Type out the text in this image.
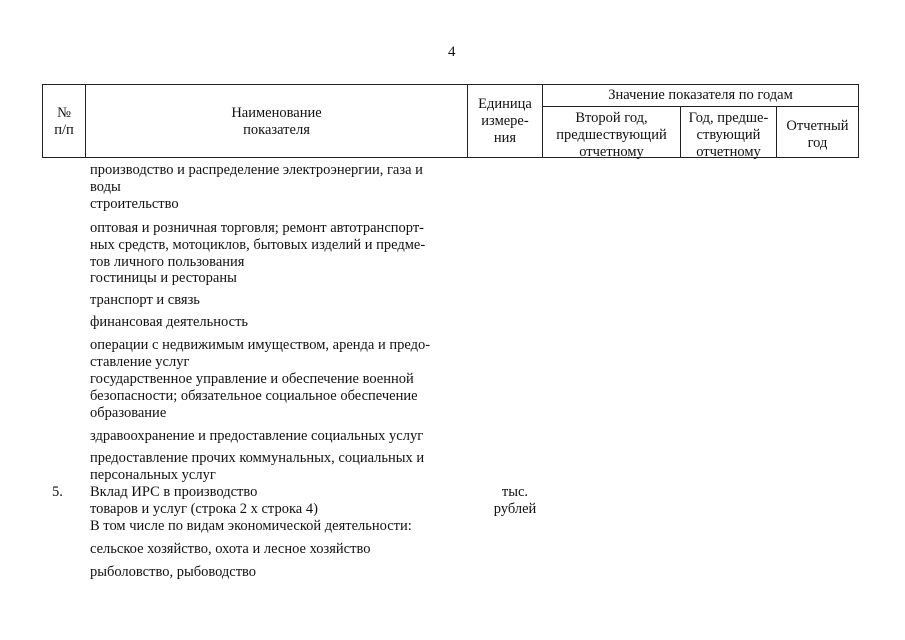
4
№
п/п
Наименование
показателя
Единица
измере-
ния
Значение показателя по годам
Второй год,
предшествующий
отчетному
Год, предше-
ствующий
отчетному
Отчетный
год
производство и распределение электроэнергии, газа и
воды
строительство
оптовая и розничная торговля; ремонт автотранспорт-
ных средств, мотоциклов, бытовых изделий и предме-
тов личного пользования
гостиницы и рестораны
транспорт и связь
финансовая деятельность
операции с недвижимым имуществом, аренда и предо-
ставление услуг
государственное управление и обеспечение военной
безопасности; обязательное социальное обеспечение
образование
здравоохранение и предоставление социальных услуг
предоставление прочих коммунальных, социальных и
персональных услуг
5. Вклад ИРС в производство
товаров и услуг (строка 2 х строка 4)
тыс.
рублей
В том числе по видам экономической деятельности:
сельское хозяйство, охота и лесное хозяйство
рыболовство, рыбоводство
